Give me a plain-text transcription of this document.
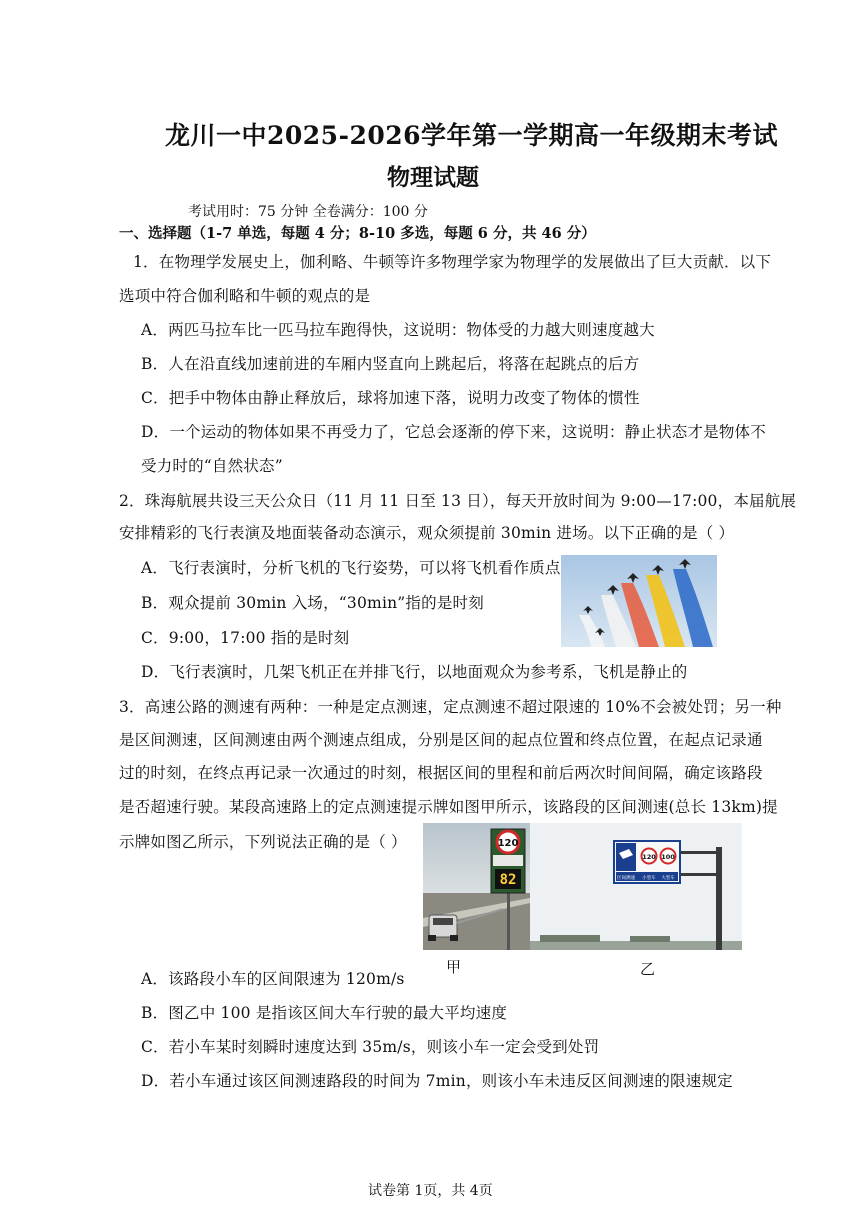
龙川一中2025-2026学年第一学期高一年级期末考试
物理试题
考试用时：75 分钟 全卷满分：100 分
一、选择题（1-7 单选，每题 4 分；8-10 多选，每题 6 分，共 46 分）
1．在物理学发展史上，伽利略、牛顿等许多物理学家为物理学的发展做出了巨大贡献．以下
选项中符合伽利略和牛顿的观点的是
A．两匹马拉车比一匹马拉车跑得快，这说明：物体受的力越大则速度越大
B．人在沿直线加速前进的车厢内竖直向上跳起后，将落在起跳点的后方
C．把手中物体由静止释放后，球将加速下落，说明力改变了物体的惯性
D．一个运动的物体如果不再受力了，它总会逐渐的停下来，这说明：静止状态才是物体不
受力时的“自然状态”
2．珠海航展共设三天公众日（11 月 11 日至 13 日），每天开放时间为 9:00—17:00，本届航展
安排精彩的飞行表演及地面装备动态演示，观众须提前 30min 进场。以下正确的是（ ）
A．飞行表演时，分析飞机的飞行姿势，可以将飞机看作质点
B．观众提前 30min 入场，“30min”指的是时刻
C．9:00，17:00 指的是时刻
D．飞行表演时，几架飞机正在并排飞行，以地面观众为参考系，飞机是静止的
3．高速公路的测速有两种：一种是定点测速，定点测速不超过限速的 10%不会被处罚；另一种
是区间测速，区间测速由两个测速点组成，分别是区间的起点位置和终点位置，在起点记录通
过的时刻，在终点再记录一次通过的时刻，根据区间的里程和前后两次时间间隔，确定该路段
是否超速行驶。某段高速路上的定点测速提示牌如图甲所示，该路段的区间测速(总长 13km)提
示牌如图乙所示，下列说法正确的是（ ）	120
82
120 100
区间测速 小型车 大型车
甲	乙
A．该路段小车的区间限速为 120m/s
B．图乙中 100 是指该区间大车行驶的最大平均速度
C．若小车某时刻瞬时速度达到 35m/s，则该小车一定会受到处罚
D．若小车通过该区间测速路段的时间为 7min，则该小车未违反区间测速的限速规定
试卷第 1页，共 4页
